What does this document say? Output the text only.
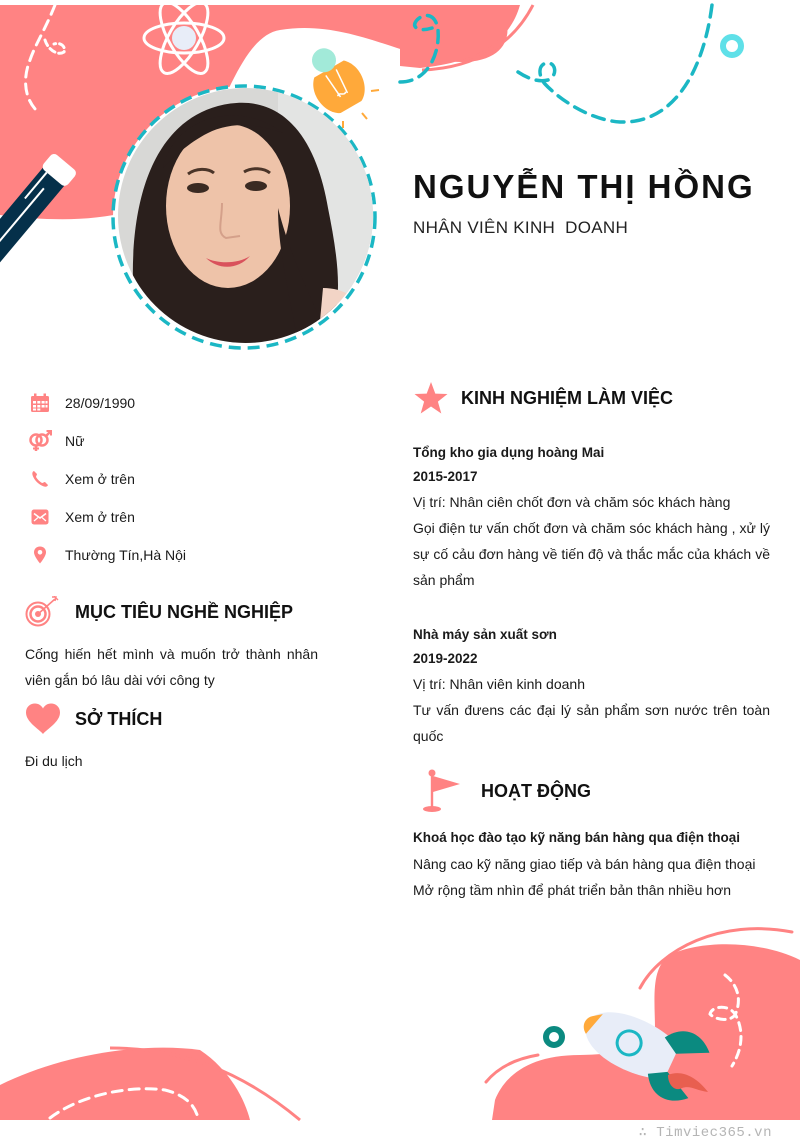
NGUYỄN THỊ HỒNG
NHÂN VIÊN KINH  DOANH
28/09/1990
Nữ
Xem ở trên
Xem ở trên
Thường Tín,Hà Nội
MỤC TIÊU NGHỀ NGHIỆP
Cống hiến hết mình và muốn trở thành nhân
viên gắn bó lâu dài với công ty
SỞ THÍCH
Đi du lịch
KINH NGHIỆM LÀM VIỆC
Tổng kho gia dụng hoàng Mai
2015-2017
Vị trí: Nhân ciên chốt đơn và chăm sóc khách hàng
Gọi điện tư vấn chốt đơn và chăm sóc khách hàng , xử lý
sự cố cảu đơn hàng về tiến độ và thắc mắc của khách về
sản phẩm
Nhà máy sản xuất sơn
2019-2022
Vị trí: Nhân viên kinh doanh
Tư vấn đưens các đại lý sản phẩm sơn nước trên toàn
quốc
HOẠT ĐỘNG
Khoá học đào tạo kỹ năng bán hàng qua điện thoại
Nâng cao kỹ năng giao tiếp và bán hàng qua điện thoại
Mở rộng tầm nhìn để phát triển bản thân nhiều hơn
∴ Timviec365.vn
